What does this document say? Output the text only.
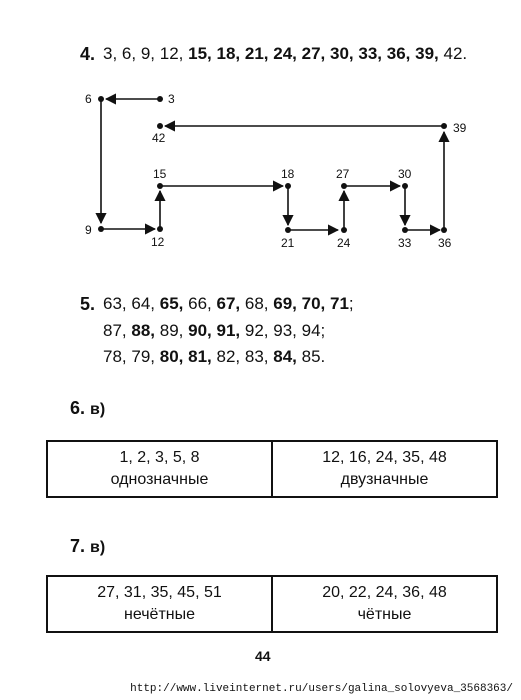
4. 3, 6, 9, 12, 15, 18, 21, 24, 27, 30, 33, 36, 39, 42.
3
6
9
12
15	18
21	24
27	30
33 36
39
42
5. 63, 64, 65, 66, 67, 68, 69, 70, 71;
87, 88, 89, 90, 91, 92, 93, 94;
78, 79, 80, 81, 82, 83, 84, 85.
6. в)
1, 2, 3, 5, 8
однозначные

12, 16, 24, 35, 48
двузначные
7. в)
27, 31, 35, 45, 51
нечётные

20, 22, 24, 36, 48
чётные
44
http://www.liveinternet.ru/users/galina_solovyeva_3568363/
